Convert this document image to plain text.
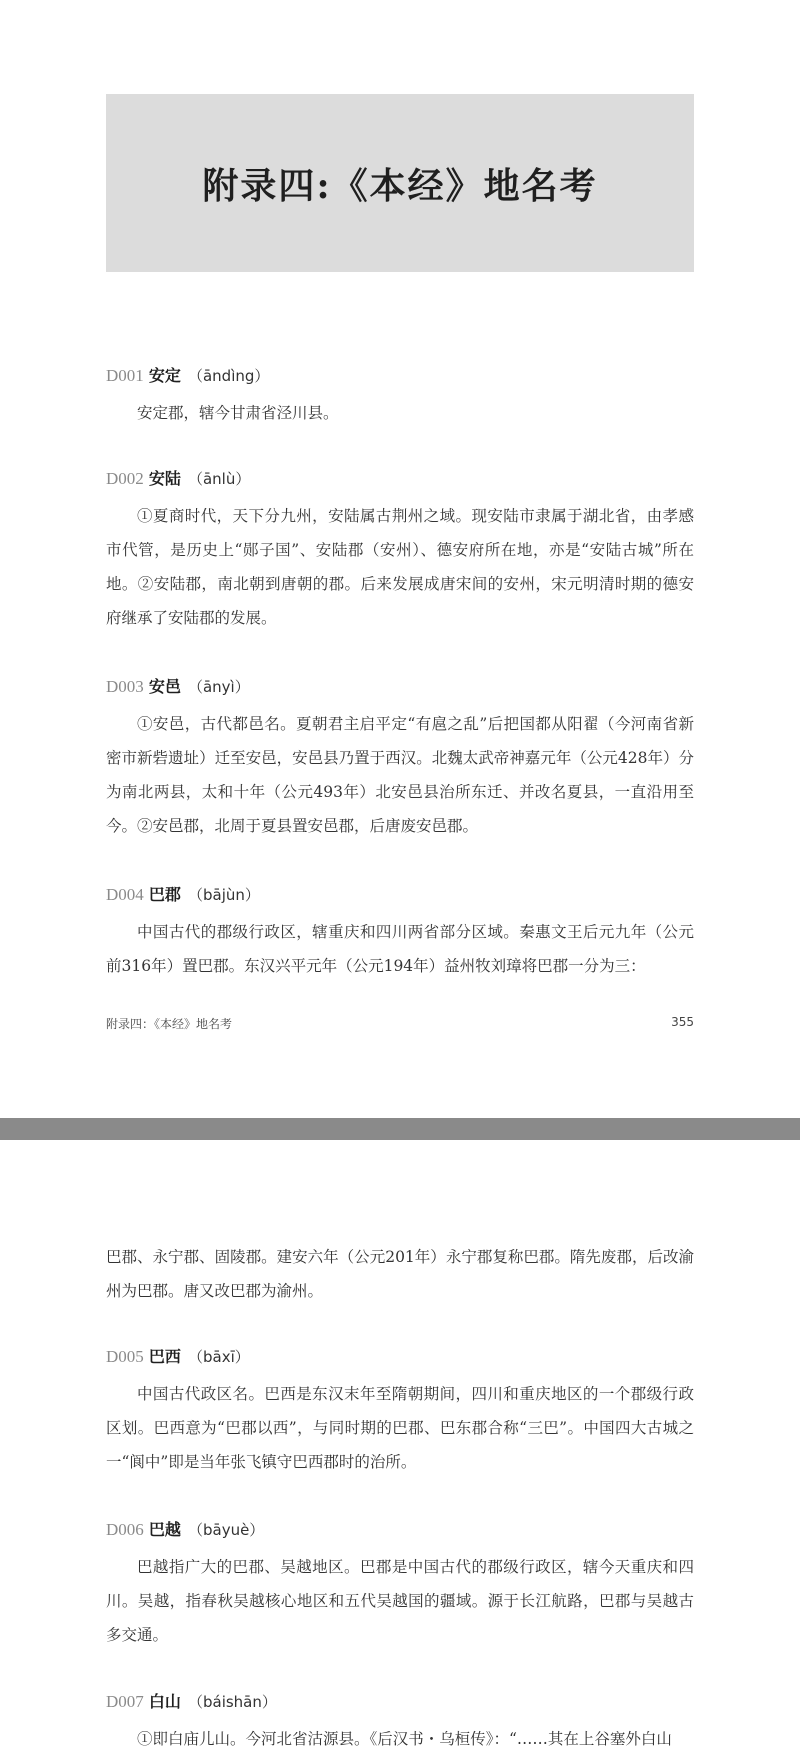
附录四:《本经》地名考

D001 安定 （āndìng）

安定郡，辖今甘肃省泾川县。

D002 安陆 （ānlù）

①夏商时代，天下分九州，安陆属古荆州之域。现安陆市隶属于湖北省，由孝感市代管，是历史上“郧子国”、安陆郡（安州）、德安府所在地，亦是“安陆古城”所在地。②安陆郡，南北朝到唐朝的郡。后来发展成唐宋间的安州，宋元明清时期的德安府继承了安陆郡的发展。

D003 安邑 （ānyì）

①安邑，古代都邑名。夏朝君主启平定“有扈之乱”后把国都从阳翟（今河南省新密市新砦遗址）迁至安邑，安邑县乃置于西汉。北魏太武帝神嘉元年（公元428年）分为南北两县，太和十年（公元493年）北安邑县治所东迁、并改名夏县，一直沿用至今。②安邑郡，北周于夏县置安邑郡，后唐废安邑郡。

D004 巴郡 （bājùn）

中国古代的郡级行政区，辖重庆和四川两省部分区域。秦惠文王后元九年（公元前316年）置巴郡。东汉兴平元年（公元194年）益州牧刘璋将巴郡一分为三：

附录四：《本经》地名考	355

巴郡、永宁郡、固陵郡。建安六年（公元201年）永宁郡复称巴郡。隋先废郡，后改渝州为巴郡。唐又改巴郡为渝州。

D005 巴西 （bāxī）

中国古代政区名。巴西是东汉末年至隋朝期间，四川和重庆地区的一个郡级行政区划。巴西意为“巴郡以西”，与同时期的巴郡、巴东郡合称“三巴”。中国四大古城之一“阆中”即是当年张飞镇守巴西郡时的治所。

D006 巴越 （bāyuè）

巴越指广大的巴郡、吴越地区。巴郡是中国古代的郡级行政区，辖今天重庆和四川。吴越，指春秋吴越核心地区和五代吴越国的疆域。源于长江航路，巴郡与吴越古多交通。

D007 白山 （báishān）

①即白庙儿山。今河北省沽源县。《后汉书・乌桓传》：“……其在上谷塞外白山
